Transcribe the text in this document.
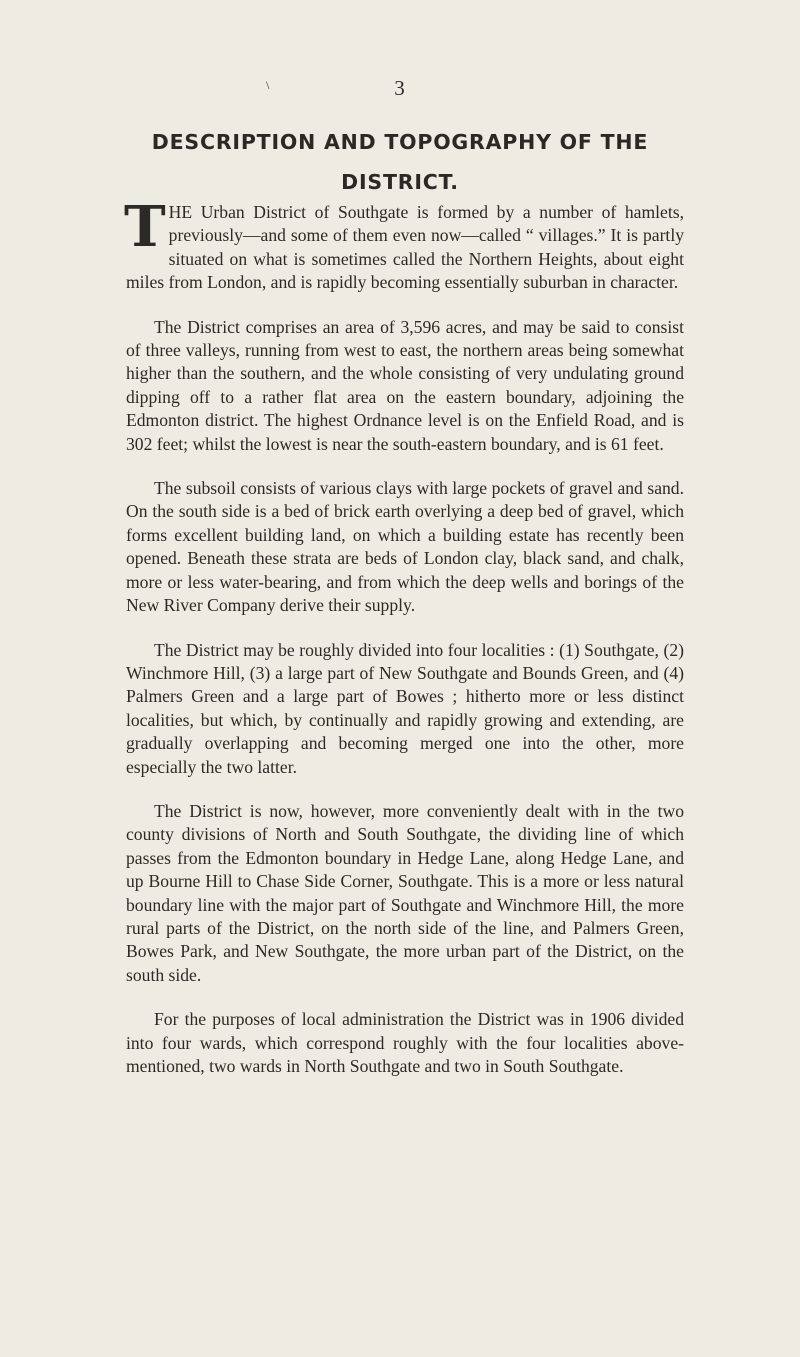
\	3
DESCRIPTION AND TOPOGRAPHY OF THE
DISTRICT.

THE Urban District of Southgate is formed by a number of hamlets, previously—and some of them even now—called “ villages.” It is partly situated on what is sometimes called the Northern Heights, about eight miles from London, and is rapidly becoming essentially suburban in character.

The District comprises an area of 3,596 acres, and may be said to consist of three valleys, running from west to east, the northern areas being somewhat higher than the southern, and the whole consisting of very undulating ground dipping off to a rather flat area on the eastern boundary, adjoining the Edmonton district. The highest Ordnance level is on the Enfield Road, and is 302 feet; whilst the lowest is near the south-eastern boundary, and is 61 feet.

The subsoil consists of various clays with large pockets of gravel and sand. On the south side is a bed of brick earth overlying a deep bed of gravel, which forms excellent building land, on which a building estate has recently been opened. Beneath these strata are beds of London clay, black sand, and chalk, more or less water-bearing, and from which the deep wells and borings of the New River Company derive their supply.

The District may be roughly divided into four localities : (1) Southgate, (2) Winchmore Hill, (3) a large part of New Southgate and Bounds Green, and (4) Palmers Green and a large part of Bowes ; hitherto more or less distinct localities, but which, by continually and rapidly growing and extending, are gradually overlapping and becoming merged one into the other, more especially the two latter.

The District is now, however, more conveniently dealt with in the two county divisions of North and South Southgate, the dividing line of which passes from the Edmonton boundary in Hedge Lane, along Hedge Lane, and up Bourne Hill to Chase Side Corner, Southgate. This is a more or less natural boundary line with the major part of Southgate and Winchmore Hill, the more rural parts of the District, on the north side of the line, and Palmers Green, Bowes Park, and New Southgate, the more urban part of the District, on the south side.

For the purposes of local administration the District was in 1906 divided into four wards, which correspond roughly with the four localities above-mentioned, two wards in North Southgate and two in South Southgate.
